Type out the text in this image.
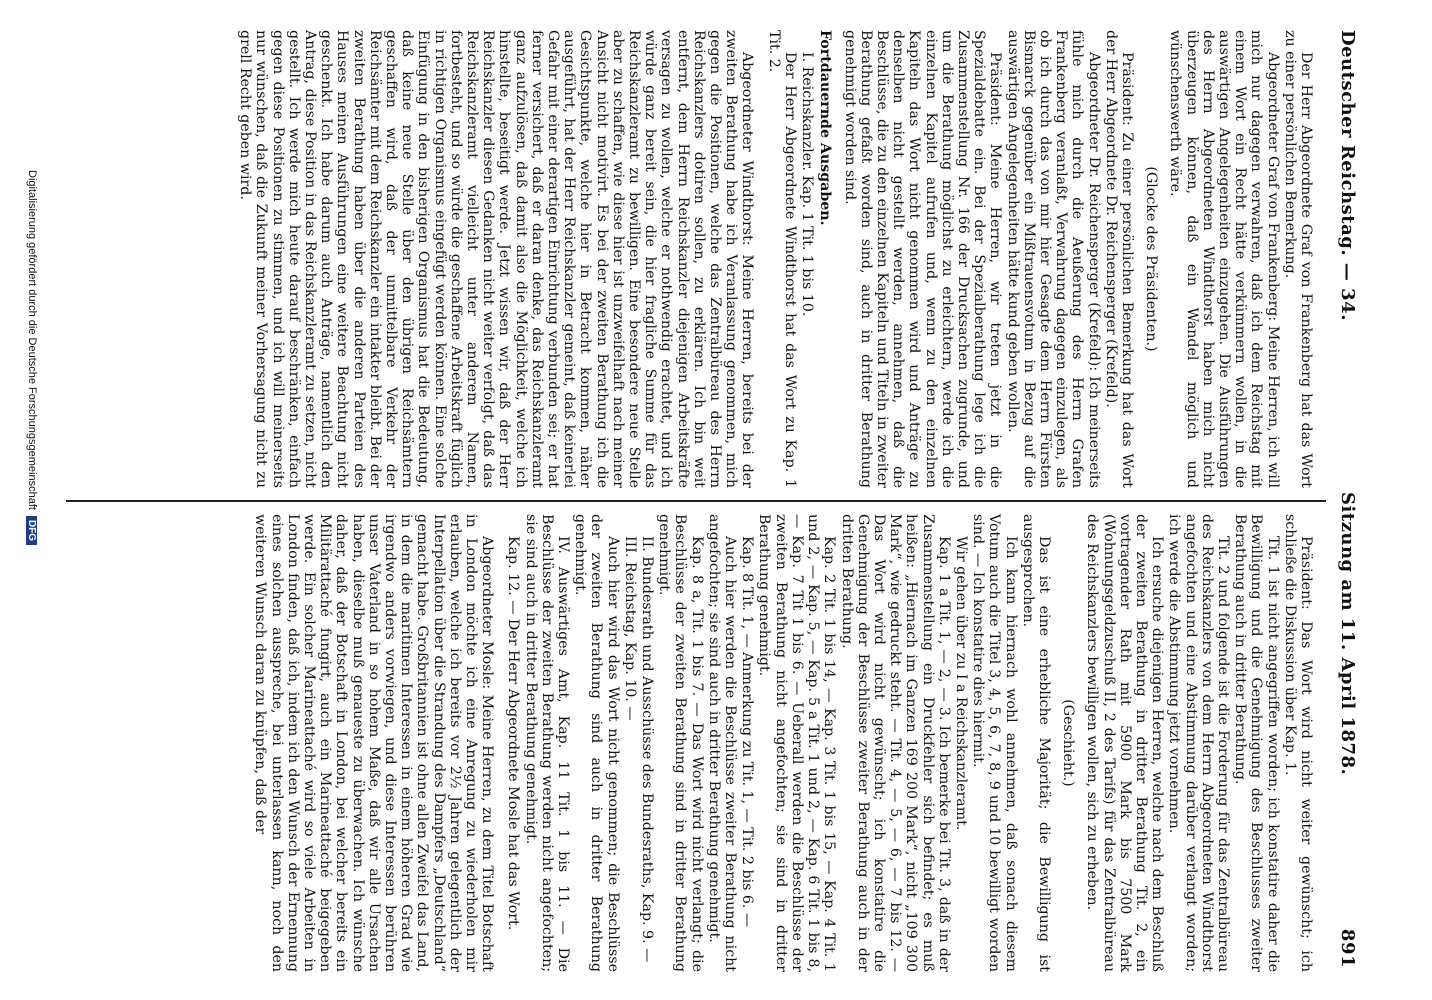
Deutscher Reichstag. — 34.
Sitzung am 11. April 1878.
891

Der Herr Abgeordnete Graf von Frankenberg hat das Wort zu einer persönlichen Bemerkung.

Abgeordneter Graf von Frankenberg: Meine Herren, ich will mich nur dagegen verwahren, daß ich dem Reichstag mit einem Wort ein Recht hätte verkümmern wollen, in die auswärtigen Angelegenheiten einzugehen. Die Ausführungen des Herrn Abgeordneten Windthorst haben mich nicht überzeugen können, daß ein Wandel möglich und wünschenswerth wäre.

(Glocke des Präsidenten.)

Präsident: Zu einer persönlichen Bemerkung hat das Wort der Herr Abgeordnete Dr. Reichensperger (Krefeld).

Abgeordneter Dr. Reichensperger (Krefeld): Ich meinerseits fühle mich durch die Aeußerung des Herrn Grafen Frankenberg veranlaßt, Verwahrung dagegen einzulegen, als ob ich durch das von mir hier Gesagte dem Herrn Fürsten Bismarck gegenüber ein Mißtrauensvotum in Bezug auf die auswärtigen Angelegenheiten hätte kund geben wollen.

Präsident: Meine Herren, wir treten jetzt in die Spezialdebatte ein. Bei der Spezialberathung lege ich die Zusammenstellung Nr. 166 der Drucksachen zugrunde, und um die Berathung möglichst zu erleichtern, werde ich die einzelnen Kapitel aufrufen und, wenn zu den einzelnen Kapiteln das Wort nicht genommen wird und Anträge zu denselben nicht gestellt werden, annehmen, daß die Beschlüsse, die zu den einzelnen Kapiteln und Titeln in zweiter Berathung gefaßt worden sind, auch in dritter Berathung genehmigt worden sind.

Fortdauernde Ausgaben.

I. Reichskanzler. Kap. 1 Tit. 1 bis 10.

Der Herr Abgeordnete Windthorst hat das Wort zu Kap. 1 Tit. 2.

Abgeordneter Windthorst: Meine Herren, bereits bei der zweiten Berathung habe ich Veranlassung genommen, mich gegen die Positionen, welche das Zentralbüreau des Herrn Reichskanzlers dotiren sollen, zu erklären. Ich bin weit entfernt, dem Herrn Reichskanzler diejenigen Arbeitskräfte versagen zu wollen, welche er nothwendig erachtet, und ich würde ganz bereit sein, die hier fragliche Summe für das Reichskanzleramt zu bewilligen. Eine besondere neue Stelle aber zu schaffen, wie diese hier ist unzweifelhaft nach meiner Ansicht nicht motivirt. Es bei der zweiten Berathung ich die Gesichtspunkte, welche hier in Betracht kommen, näher ausgeführt, hat der Herr Reichskanzler gemeint, daß keinerlei Gefahr mit einer derartigen Einrichtung verbunden sei; er hat ferner versichert, daß er daran denke, das Reichskanzleramt ganz aufzulösen, daß damit also die Möglichkeit, welche ich hinstellte, beseitigt werde. Jetzt wissen wir, daß der Herr Reichskanzler diesen Gedanken nicht weiter verfolgt, daß das Reichskanzleramt vielleicht unter anderem Namen, fortbesteht, und so würde die geschaffene Arbeitskraft füglich in richtigen Organismus eingefügt werden können. Eine solche Einfügung in den bisherigen Organismus hat die Bedeutung, daß keine neue Stelle über den übrigen Reichsämtern geschaffen wird, daß der unmittelbare Verkehr der Reichsämter mit dem Reichskanzler ein intakter bleibt. Bei der zweiten Berathung haben über die anderen Parteien des Hauses meinen Ausführungen eine weitere Beachtung nicht geschenkt. Ich habe darum auch Anträge, namentlich den Antrag, diese Position in das Reichskanzleramt zu setzen, nicht gestellt. Ich werde mich heute darauf beschränken, einfach gegen diese Positionen zu stimmen, und ich will meinerseits nur wünschen, daß die Zukunft meiner Vorhersagung nicht zu grell Recht geben wird.

Präsident: Das Wort wird nicht weiter gewünscht; ich schließe die Diskussion über Kap. 1.

Tit. 1 ist nicht angegriffen worden; ich konstatire daher die Bewilligung und die Genehmigung des Beschlusses zweiter Berathung auch in dritter Berathung.

Tit. 2 und folgende ist die Forderung für das Zentralbüreau des Reichskanzlers von dem Herrn Abgeordneten Windthorst angefochten und eine Abstimmung darüber verlangt worden; ich werde die Abstimmung jetzt vornehmen.

Ich ersuche diejenigen Herren, welche nach dem Beschluß der zweiten Berathung in dritter Berathung Tit. 2, ein vortragender Rath mit 5900 Mark bis 7500 Mark (Wohnungsgeldzuschuß II, 2 des Tarifs) für das Zentralbüreau des Reichskanzlers bewilligen wollen, sich zu erheben.

(Geschieht.)

Das ist eine erhebliche Majorität; die Bewilligung ist ausgesprochen.

Ich kann hiernach wohl annehmen, daß sonach diesem Votum auch die Titel 3, 4, 5, 6, 7, 8, 9 und 10 bewilligt worden sind. — Ich konstatire dies hiermit.

Wir gehen über zu I a Reichskanzleramt.

Kap. 1 a Tit. 1, — 2, — 3. Ich bemerke bei Tit. 3, daß in der Zusammenstellung ein Druckfehler sich befindet; es muß heißen: „Hiernach im Ganzen 169 200 Mark“, nicht „109 300 Mark“, wie gedruckt steht. — Tit. 4, — 5, — 6, — 7 bis 12. — Das Wort wird nicht gewünscht; ich konstatire die Genehmigung der Beschlüsse zweiter Berathung auch in der dritten Berathung.

Kap. 2 Tit. 1 bis 14, — Kap. 3 Tit. 1 bis 15, — Kap. 4 Tit. 1 und 2, — Kap. 5, — Kap. 5 a Tit. 1 und 2, — Kap. 6 Tit. 1 bis 8, — Kap. 7 Tit 1 bis 6. — Ueberall werden die Beschlüsse der zweiten Berathung nicht angefochten; sie sind in dritter Berathung genehmigt.

Kap. 8 Tit. 1, — Anmerkung zu Tit. 1, — Tit. 2 bis 6. —

Auch hier werden die Beschlüsse zweiter Berathung nicht angefochten; sie sind auch in dritter Berathung genehmigt.

Kap. 8 a, Tit. 1 bis 7. — Das Wort wird nicht verlangt; die Beschlüsse der zweiten Berathung sind in dritter Berathung genehmigt.

II. Bundesrath und Ausschüsse des Bundesraths, Kap. 9. —

III. Reichstag, Kap. 10. —

Auch hier wird das Wort nicht genommen; die Beschlüsse der zweiten Berathung sind auch in dritter Berathung genehmigt.

IV. Auswärtiges Amt, Kap. 11 Tit. 1 bis 11. — Die Beschlüsse der zweiten Berathung werden nicht angefochten; sie sind auch in dritter Berathung genehmigt.

Kap. 12. — Der Herr Abgeordnete Mosle hat das Wort.

Abgeordneter Mosle: Meine Herren, zu dem Titel Botschaft in London möchte ich eine Anregung zu wiederholen mir erlauben, welche ich bereits vor 2½ Jahren gelegentlich der Interpellation über die Strandung des Dampfers „Deutschland“ gemacht habe. Großbritannien ist ohne allen Zweifel das Land, in dem die maritimen Interessen in einem höheren Grad wie irgendwo anders vorwiegen, und diese Interessen berühren unser Vaterland in so hohem Maße, daß wir alle Ursachen haben, dieselbe muß genaueste zu überwachen. Ich wünsche daher, daß der Botschaft in London, bei welcher bereits ein Militärattaché fungirt, auch ein Marineattaché beigegeben werde. Ein solcher Marineattaché wird so viele Arbeiten in London finden, daß ich, indem ich den Wunsch der Ernennung eines solchen ausspreche, bei unterlassen kann, noch den weiteren Wunsch daran zu knüpfen, daß der

Digitalisierung gefördert durch die Deutsche ForschungsgemeinschaftDFG
